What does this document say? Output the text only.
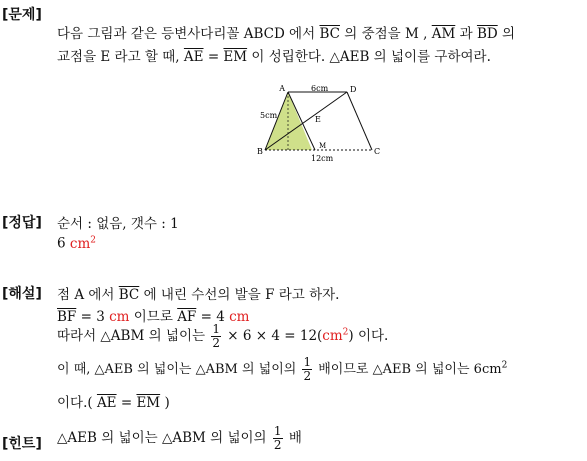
[문제]
다음 그림과 같은 등변사다리꼴 ABCD 에서 $\overline{BC}$ 의 중점을 M , $\overline{AM}$ 과 $\overline{BD}$ 의
교점을 E 라고 할 때, $\overline{AE} = \overline{EM}$ 이 성립한다. △AEB 의 넓이를 구하여라.
A	D
B	C
E
M
6cm
5cm
12cm
[정답] 순서 : 없음, 갯수 : 1
6 $cm^2$
[해설] 점 A 에서 $\overline{BC}$ 에 내린 수선의 발을 F 라고 하자.
$\overline{BF} = 3$ cm 이므로 $\overline{AF} = 4$ cm
따라서 △ABM 의 넓이는 $\frac{1}{2} \times 6 \times 4 = 12(cm^2)$ 이다.
이 때, △AEB 의 넓이는 △ABM 의 넓이의 $\frac{1}{2}$ 배이므로 △AEB 의 넓이는 $6cm^2$
이다.( $\overline{AE} = \overline{EM}$ )
[힌트] △AEB 의 넓이는 △ABM 의 넓이의 $\frac{1}{2}$ 배
